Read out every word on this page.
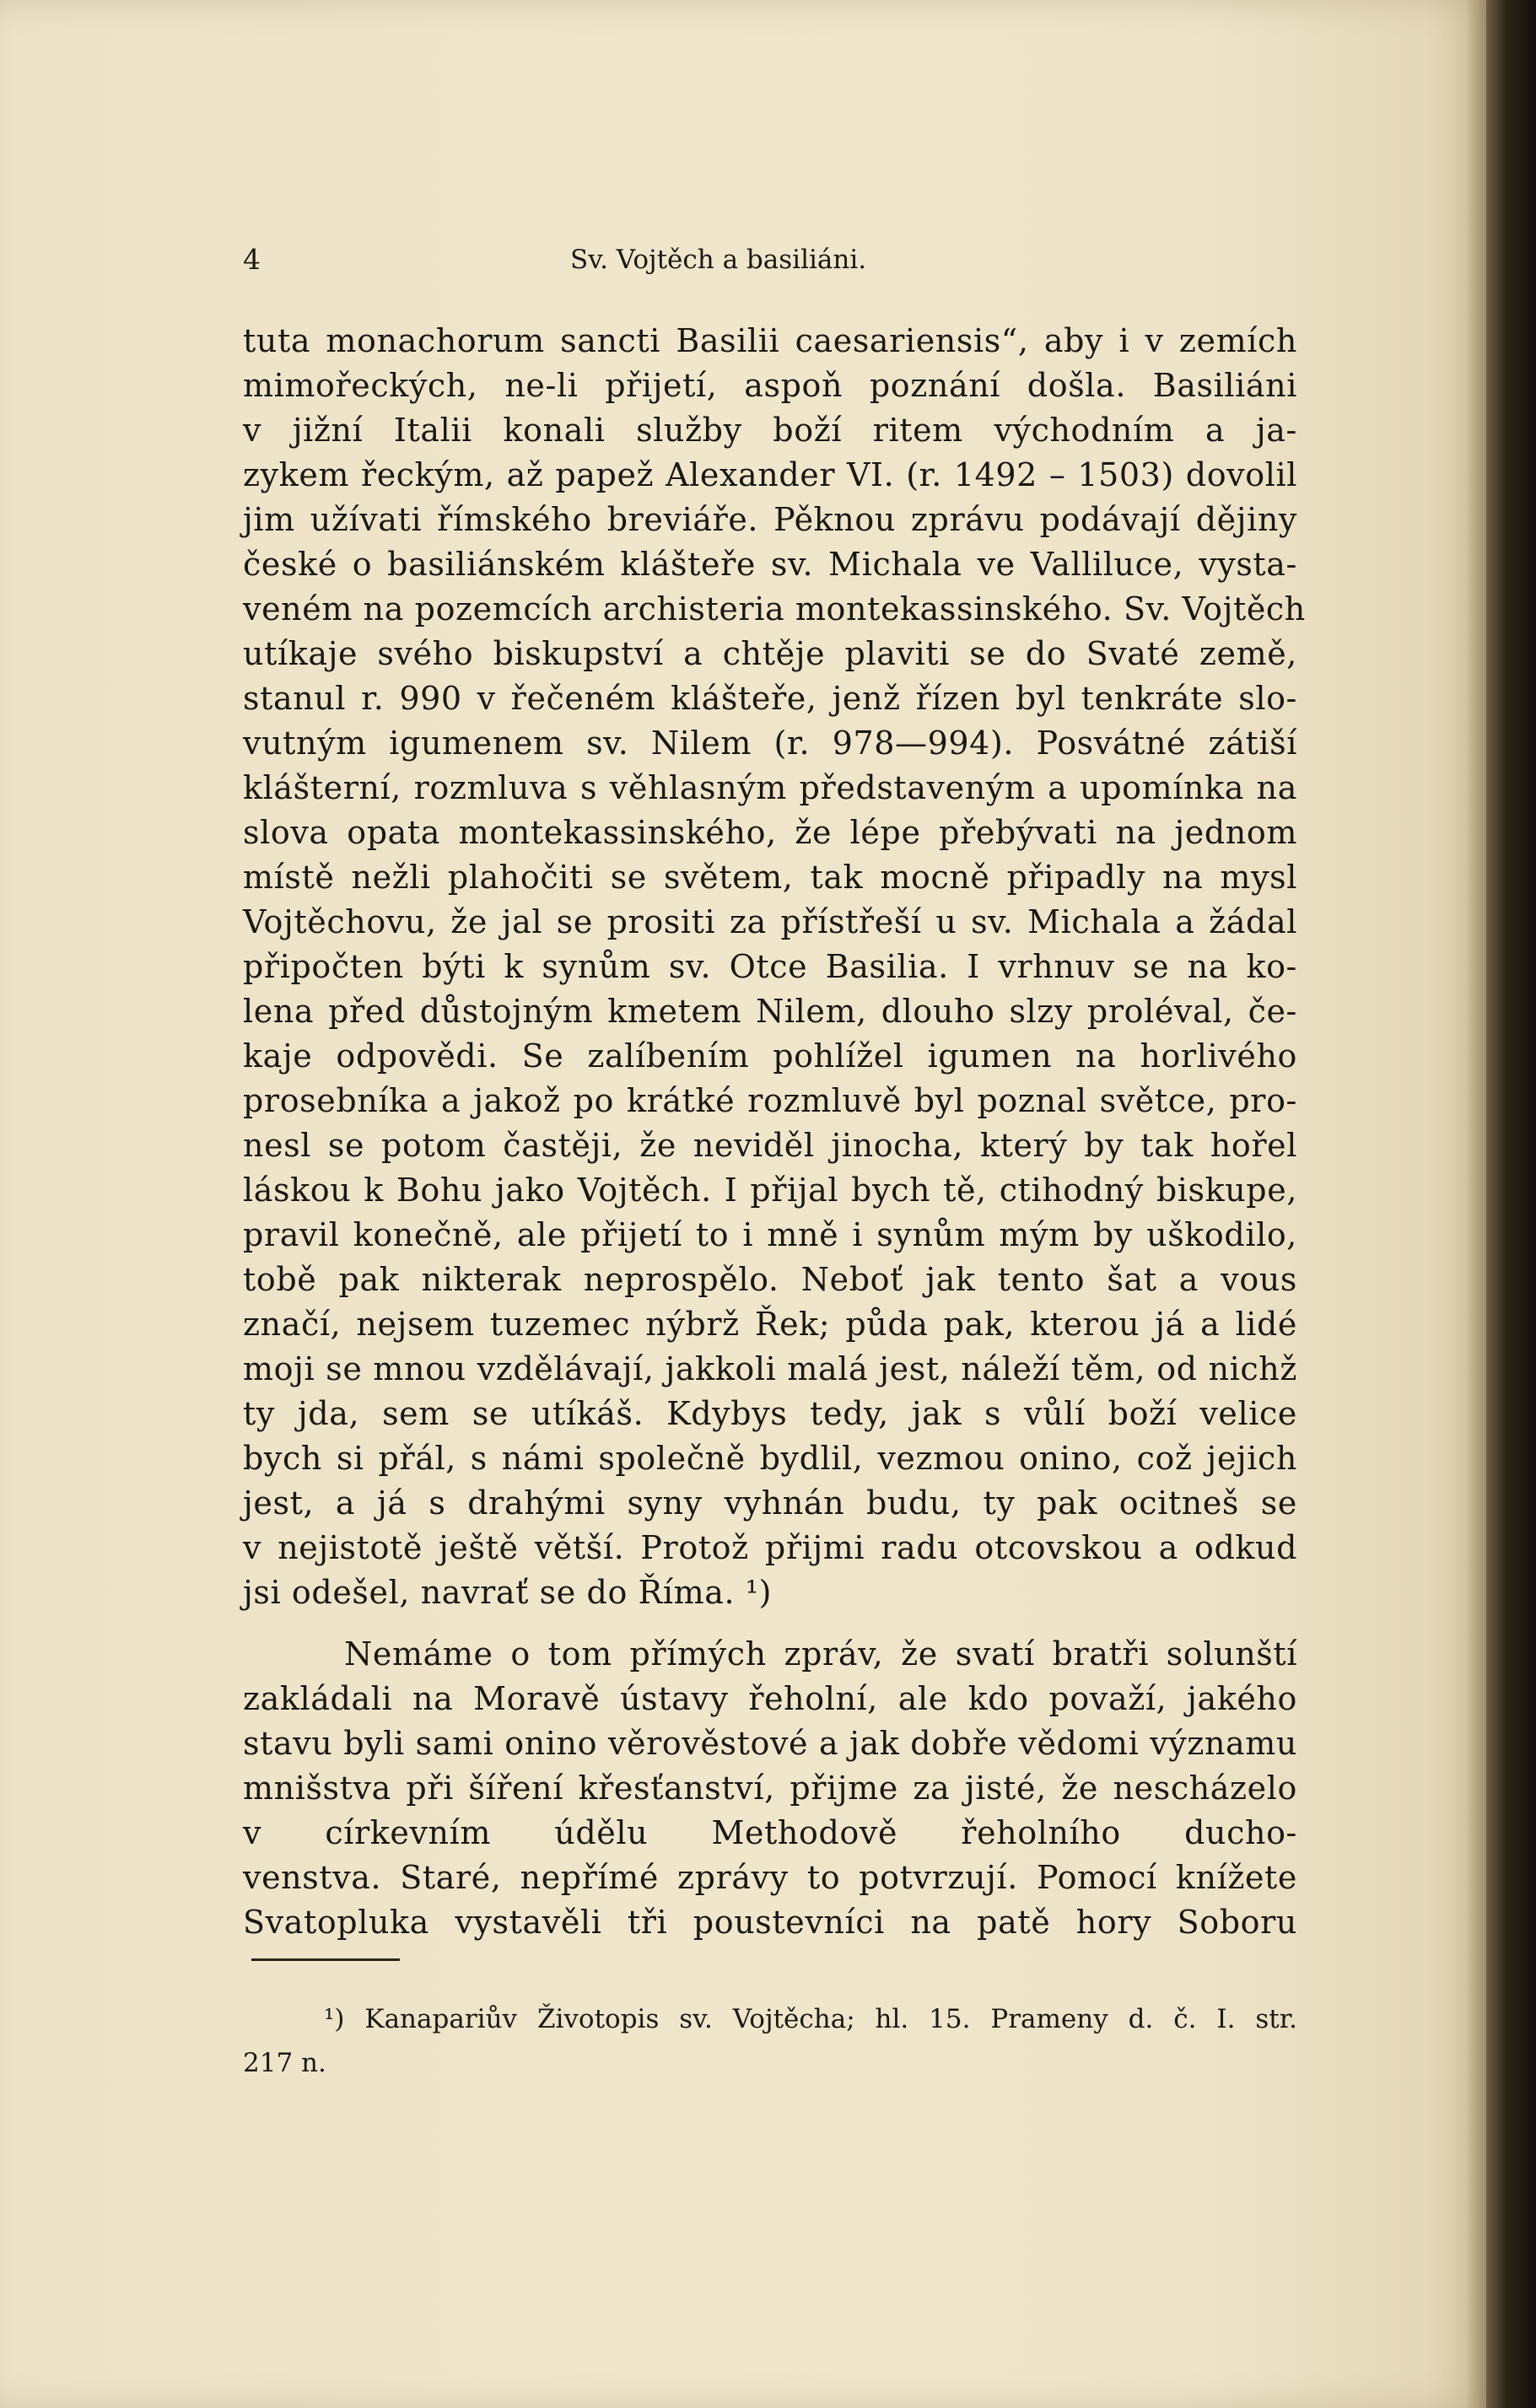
4	Sv. Vojtěch a basiliáni.
tuta monachorum sancti Basilii caesariensis“, aby i v zemích
mimořeckých, ne-li přijetí, aspoň poznání došla. Basiliáni
v jižní Italii konali služby boží ritem východním a ja-
zykem řeckým, až papež Alexander VI. (r. 1492 – 1503) dovolil
jim užívati římského breviáře. Pěknou zprávu podávají dějiny
české o basiliánském klášteře sv. Michala ve Valliluce, vysta-
veném na pozemcích archisteria montekassinského. Sv. Vojtěch
utíkaje svého biskupství a chtěje plaviti se do Svaté země,
stanul r. 990 v řečeném klášteře, jenž řízen byl tenkráte slo-
vutným igumenem sv. Nilem (r. 978—994). Posvátné zátiší
klášterní, rozmluva s věhlasným představeným a upomínka na
slova opata montekassinského, že lépe přebývati na jednom
místě nežli plahočiti se světem, tak mocně připadly na mysl
Vojtěchovu, že jal se prositi za přístřeší u sv. Michala a žádal
připočten býti k synům sv. Otce Basilia. I vrhnuv se na ko-
lena před důstojným kmetem Nilem, dlouho slzy proléval, če-
kaje odpovědi. Se zalíbením pohlížel igumen na horlivého
prosebníka a jakož po krátké rozmluvě byl poznal světce, pro-
nesl se potom častěji, že neviděl jinocha, který by tak hořel
láskou k Bohu jako Vojtěch. I přijal bych tě, ctihodný biskupe,
pravil konečně, ale přijetí to i mně i synům mým by uškodilo,
tobě pak nikterak neprospělo. Neboť jak tento šat a vous
značí, nejsem tuzemec nýbrž Řek; půda pak, kterou já a lidé
moji se mnou vzdělávají, jakkoli malá jest, náleží těm, od nichž
ty jda, sem se utíkáš. Kdybys tedy, jak s vůlí boží velice
bych si přál, s námi společně bydlil, vezmou onino, což jejich
jest, a já s drahými syny vyhnán budu, ty pak ocitneš se
v nejistotě ještě větší. Protož přijmi radu otcovskou a odkud
jsi odešel, navrať se do Říma. ¹)
Nemáme o tom přímých zpráv, že svatí bratři solunští
zakládali na Moravě ústavy řeholní, ale kdo považí, jakého
stavu byli sami onino věrověstové a jak dobře vědomi významu
mnišstva při šíření křesťanství, přijme za jisté, že nescházelo
v církevním údělu Methodově řeholního ducho-
venstva. Staré, nepřímé zprávy to potvrzují. Pomocí knížete
Svatopluka vystavěli tři poustevníci na patě hory Soboru
¹) Kanapariův Životopis sv. Vojtěcha; hl. 15. Prameny d. č. I. str.
217 n.
